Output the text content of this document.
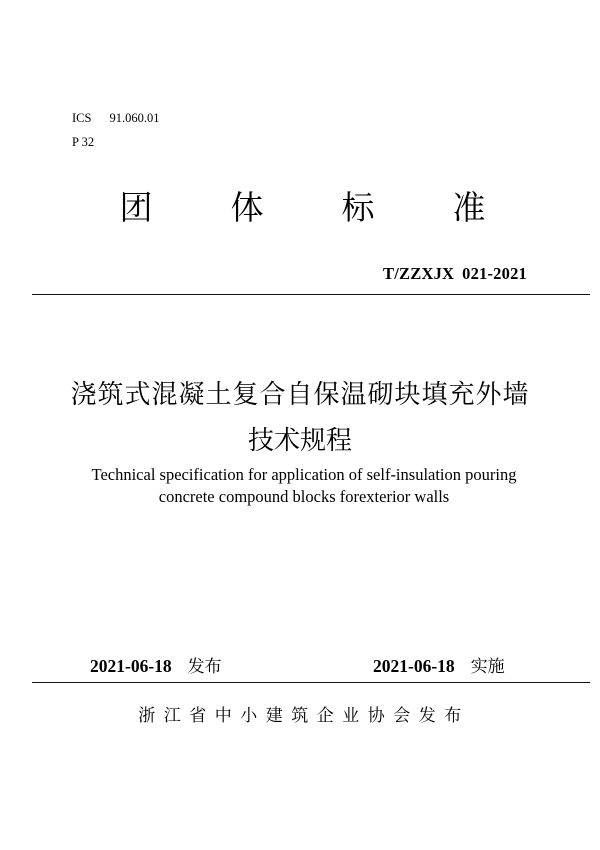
ICS 91.060.01
P 32
团 体 标 准
T/ZZXJX 021-2021
浇筑式混凝土复合自保温砌块填充外墙
技术规程
Technical specification for application of self-insulation pouring
concrete compound blocks forexterior walls
2021-06-18 发布	2021-06-18 实施
浙江省中小建筑企业协会发布
